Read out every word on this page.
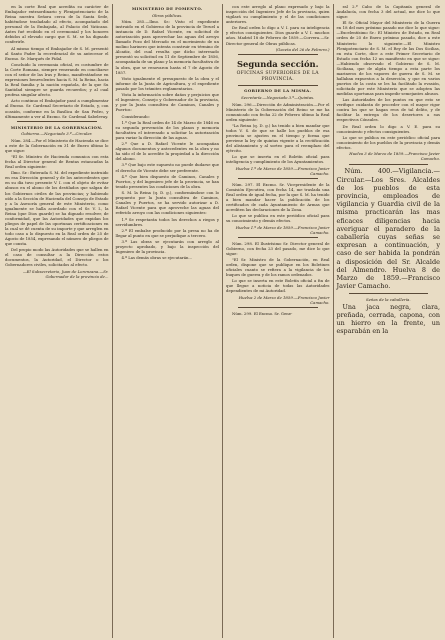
en la corte Real que acredita su carácter de Embajador extraordinario y Plenipotenciario de la Reina nuestra Señora cerca de la Santa Sede, habiéndose trasladado al efecto, acompañado del personal de la Embajada, al Palacio del Vaticano. Antes fué recibido en el ceremonial y los honores debidos al elevado cargo que S. M. se ha dignado conferirle.

Al mismo tiempo el Embajador de S. M. presentó al Santo Padre la recredencial de su antecesor el Excmo. Sr. Marqués de Pidal.

Concluido la ceremonia oficial, es costumbre de la Corte Romana, siempre venerando en conciliarse con el señor de las Iras y Reino, manifestándose en expresiones benevolentes hacia S. M. la Reina, hacia la Real familia y la nación española, de la que Su Santidad siempre se guarda recuerdos; y al cual profesa singular afecto.

Acto continuo el Embajador pasó a cumplimentar al Excmo. Sr. Cardenal Secretario de Estado, y, con ocasión, conforme en la Basílica de San Pedro, y últimamente a ver al Excmo. Sr. Cardenal Sabelevay.

MINISTERIO DE LA GOBERNACION.
Gobierno.—Negociado 3.º—Circular.

Núm. 284.—Por el Ministerio de Hacienda se dice a este de la Gobernación en 31 de Enero último lo que sigue:

"El Sr. Ministro de Hacienda comunica con esta fecha al Director general de Rentas estancadas la Real orden siguiente:

Ilmo. Sr.: Enterada S. M. del expediente instruido en esa Dirección general y de los antecedentes que en su día tuvo presente V. I. con el objeto de evitar abusos en el abono de los destilados que salgan de los Gobiernos civiles de las provincias; y habiendo oído a la Sección de Hacienda del Consejo de Estado y a la Asesoría general de este Ministerio, como igualmente se halla acordado con el Sr. V. I., la Reina (que Dios guarde) se ha dignado resolver, de conformidad, que las Autoridades que expidan los pliegos de papel de las oportunas certificaciones en la cual se dé cuenta de su importe y que arreglen en todo caso a lo dispuesto en la Real orden de 25 de Agosto de 1854, expresando el número de pliegos de que consta.

Del propio modo las Autoridades que se hallen en el caso de consultar a la Dirección estos documentos, la Autoridad, el Director o los Gobernadores civiles, solicitados al efecto.

—El Subsecretario, Juan de Lorenzana.—Sr. Gobernador de la provincia de...

MINISTERIO DE FOMENTO.
Obras públicas.

Núm. 285.—Ilmo. Sr.: Visto el expediente instruido en el Gobierno de la provincia de Teruel a instancia de D. Rafael Vicente, en solicitud de autorización para aprovechar las aguas del arroyo llamado Pozo del Mercado en el movimiento de un molino harinero que intenta construir en término de Alcañiz, del cual resulta que dicho interesado presentó su solicitud en 11 de Septiembre de 1856, acompañada de un plano y la memoria facultativa de la obra, que se renovaron hasta el 7 de Agosto de 1857.

Visto igualmente el presupuesto de la obra y el informe de la Junta de Agricultura, y el expediente pasado por los trámites reglamentarios.

Vista la información sobre daños y perjuicios que el Ingeniero, Consejo y Gobernador de la provincia, y por la Junta consultiva de Caminos, Canales y Puertos:

Considerando:

1.º Que la Real orden de 14 de Marzo de 1846 en su segunda prevención de los planos y memoria facultativa el interesado a solicitar la autorización para variar la dirección de las aguas.

2.º Que a D. Rafael Vicente le acompañan algunos documentos y antecedentes en la obra y no ha sido el de lo acredite la propiedad a la dirección del abono.

3.º Que bajo este supuesto no puede dudarse que el derecho de Vicente debe ser preferente.

4.º Que bien dispuesto de Caminos, Canales y Puertos, y del Ingeniero jefe de la provincia, se han tenido presentes las condiciones de la obra.

S. M. la Reina (q. D. g.), conformándose con lo propuesto por la Junta consultiva de Caminos, Canales y Puertos, se ha servido autorizar a D. Rafael Vicente para que aproveche las aguas del referido arroyo con las condiciones siguientes:

1.ª Se respetarán todos los derechos a riegos y servidumbres.

2.ª El embalse producido por la presa no ha de llegar al punto en que se perjudique a tercero.

3.ª Las obras se ejecutarán con arreglo al proyecto aprobado, y bajo la inspección del Ingeniero de la provincia.

4.ª Las demás obras se ejecutarán...

con este arreglo al plano expresado y bajo la inspección del Ingeniero Jefe de la provincia, quien vigilará su cumplimiento y el de las condiciones anteriores.

De Real orden lo digo a V. I. para su inteligencia y efectos consiguientes. Dios guarde a V. I. muchos años. Madrid 18 de Febrero de 1859.—Corvera.—Sr. Director general de Obras públicas.

(Gaceta del 26 de Febrero.)

Segunda sección.
OFICINAS SUPERIORES DE LA PROVINCIA.
GOBIERNO DE LA MISMA.
Secretaría.—Negociado 3.º—Quintas.

Núm. 296.—Dirección de Administración.—Por el Ministerio de la Gobernación del Reino se me ha comunicado con fecha 22 de Febrero último la Real orden siguiente:

"La Reina (q. D. g.) ha tenido a bien mandar que todos V. S. de que se halle los pueblos de esa provincia se ajusten en el tiempo y forma que previene la ley de quintas vigente a la rectificación del alistamiento y al sorteo para el reemplazo del ejército.

Lo que se inserta en el Boletín oficial para inteligencia y cumplimiento de los Ayuntamientos.

Huelva 1.º de Marzo de 1859.—Francisco Javier Camacho.

Núm. 297. El Excmo. Sr. Vicepresidente de la Comisión Ejecutiva, con fecha 14, me traslada una Real orden de igual fecha, por la que S. M. ha tenido a bien mandar hacer la publicación de los certificados de cada Ayuntamiento de Armas que acrediten las declaraciones de la Zona.

Lo que se publica en este periódico oficial para su conocimiento y demás efectos.

Huelva 1.º de Marzo de 1859.—Francisco Javier Camacho.

Núm. 298. El Ilustrísimo Sr. Director general de Gobierno, con fecha 23 del pasado, me dice lo que sigue:

"El Sr. Ministro de la Gobernación, en Real orden, dispone que se publique en los Boletines oficiales cuanto se refiera a la vigilancia de los buques de guerra y de los ramos ordenados.

Lo que se inserta en este Boletín oficial a fin de que llegue a noticia de todas las Autoridades dependientes de mi Autoridad.

Huelva 2 de Marzo de 1859.—Francisco Javier Camacho.

Núm. 299. El Excmo. Sr. Gene-

ral 2.º Cabo de la Capitanía general de Andalucía, con fecha 3 del actual, me dice lo que sigue:

El Sr. Oficial Mayor del Ministerio de la Guerra en 18 del mes próximo pasado me dice lo que sigue:—Excelentísimo Sr.: El Ministro de Estado, en Real orden de 25 de Enero próximo pasado, dice a este Ministerio lo siguiente:—El Ministro Plenipotenciario de S. M. el Rey de las Dos Sicilias, en esta Corte, dice a este Primer Secretario de Estado con fecha 12 un manifiesto en que se sigue:—Habiendo observado el Gobierno de S. M. Siciliana, que de algún tiempo a esta parte los marineros de los vapores de guerra de S. M. se hallaban expuestos a la deserción, y que en varios puertos de la costa se les ha facilitado la evasión, solicitado por este Ministerio que se adopten las medidas oportunas para impedir semejantes abusos.

Las Autoridades de los puntos en que esto se verifique cuidarán de proceder con el mayor rigor contra los que se hagan reos de tal delito, y de facilitar la entrega de los desertores a sus respectivos Cónsules.

De Real orden lo digo a V. E. para su conocimiento y efectos consiguientes.

Lo que se publica en este periódico oficial para conocimiento de los pueblos de la provincia y demás efectos.

Huelva 3 de Marzo de 1859.—Francisco Javier Camacho.

Núm. 400.—Vigilancia.—Circular.—Los Sres. Alcaldes de los pueblos de esta provincia, empleados de vigilancia y Guardia civil de la misma practicarán las mas eficaces diligencias hacia averiguar el paradero de la caballería cuyas señas se expresan a continuación, y caso de ser habida la pondrán a disposición del Sr. Alcalde del Almendro. Huelva 8 de Marzo de 1859.—Francisco Javier Camacho.

Señas de la caballería.

Una jaca negra, clara, preñada, cerrada, capona, con un hierro en la frente, un esparabán en la
